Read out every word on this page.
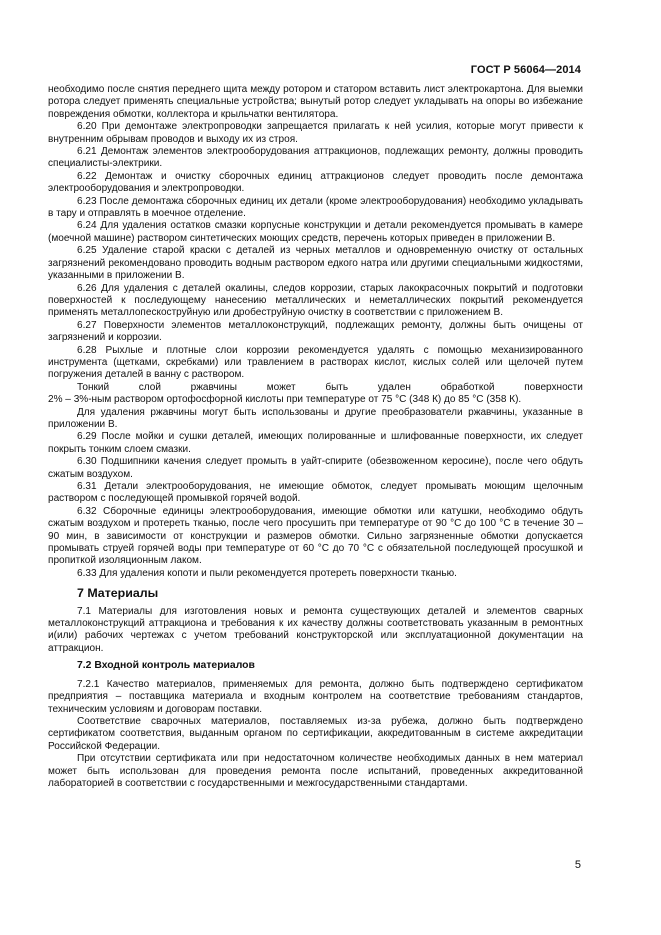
ГОСТ Р 56064—2014

необходимо после снятия переднего щита между ротором и статором вставить лист электрокартона. Для выемки ротора следует применять специальные устройства; вынутый ротор следует укладывать на опоры во избежание повреждения обмотки, коллектора и крыльчатки вентилятора.

6.20 При демонтаже электропроводки запрещается прилагать к ней усилия, которые могут привести к внутренним обрывам проводов и выходу их из строя.

6.21 Демонтаж элементов электрооборудования аттракционов, подлежащих ремонту, должны проводить специалисты-электрики.

6.22 Демонтаж и очистку сборочных единиц аттракционов следует проводить после демонтажа электрооборудования и электропроводки.

6.23 После демонтажа сборочных единиц их детали (кроме электрооборудования) необходимо укладывать в тару и отправлять в моечное отделение.

6.24 Для удаления остатков смазки корпусные конструкции и детали рекомендуется промывать в камере (моечной машине) раствором синтетических моющих средств, перечень которых приведен в приложении В.

6.25 Удаление старой краски с деталей из черных металлов и одновременную очистку от остальных загрязнений рекомендовано проводить водным раствором едкого натра или другими специальными жидкостями, указанными в приложении В.

6.26 Для удаления с деталей окалины, следов коррозии, старых лакокрасочных покрытий и подготовки поверхностей к последующему нанесению металлических и неметаллических покрытий рекомендуется применять металлопескоструйную или дробеструйную очистку в соответствии с приложением В.

6.27 Поверхности элементов металлоконструкций, подлежащих ремонту, должны быть очищены от загрязнений и коррозии.

6.28 Рыхлые и плотные слои коррозии рекомендуется удалять с помощью механизированного инструмента (щетками, скребками) или травлением в растворах кислот, кислых солей или щелочей путем погружения деталей в ванну с раствором.

Тонкий	слой	ржавчины	может	быть	удален	обработкой	поверхности

2% – 3%-ным раствором ортофосфорной кислоты при температуре от 75 °C (348 К) до 85 °C (358 К).

Для удаления ржавчины могут быть использованы и другие преобразователи ржавчины, указанные в приложении В.

6.29 После мойки и сушки деталей, имеющих полированные и шлифованные поверхности, их следует покрыть тонким слоем смазки.

6.30 Подшипники качения следует промыть в уайт-спирите (обезвоженном керосине), после чего обдуть сжатым воздухом.

6.31 Детали электрооборудования, не имеющие обмоток, следует промывать моющим щелочным раствором с последующей промывкой горячей водой.

6.32 Сборочные единицы электрооборудования, имеющие обмотки или катушки, необходимо обдуть сжатым воздухом и протереть тканью, после чего просушить при температуре от 90 °C до 100 °C в течение 30 – 90 мин, в зависимости от конструкции и размеров обмотки. Сильно загрязненные обмотки допускается промывать струей горячей воды при температуре от 60 °C до 70 °C с обязательной последующей просушкой и пропиткой изоляционным лаком.

6.33 Для удаления копоти и пыли рекомендуется протереть поверхности тканью.

7 Материалы

7.1 Материалы для изготовления новых и ремонта существующих деталей и элементов сварных металлоконструкций аттракциона и требования к их качеству должны соответствовать указанным в ремонтных и(или) рабочих чертежах с учетом требований конструкторской или эксплуатационной документации на аттракцион.

7.2 Входной контроль материалов

7.2.1 Качество материалов, применяемых для ремонта, должно быть подтверждено сертификатом предприятия – поставщика материала и входным контролем на соответствие требованиям стандартов, техническим условиям и договорам поставки.

Соответствие сварочных материалов, поставляемых из-за рубежа, должно быть подтверждено сертификатом соответствия, выданным органом по сертификации, аккредитованным в системе аккредитации Российской Федерации.

При отсутствии сертификата или при недостаточном количестве необходимых данных в нем материал может быть использован для проведения ремонта после испытаний, проведенных аккредитованной лабораторией в соответствии с государственными и межгосударственными стандартами.

5
